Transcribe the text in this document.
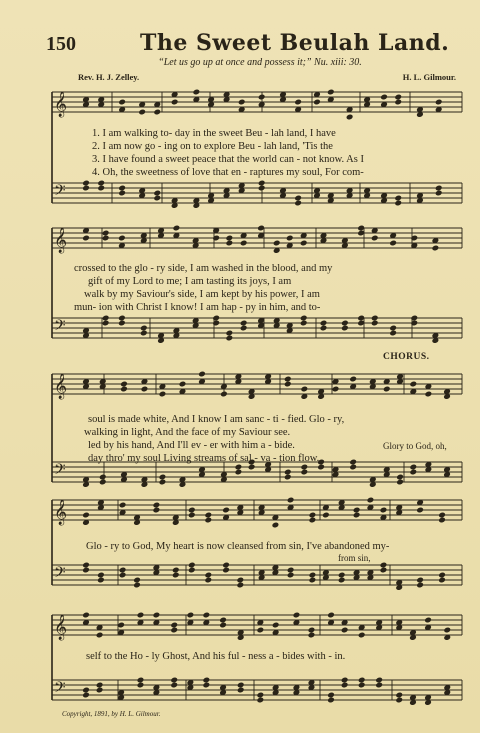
150	The Sweet Beulah Land.
“Let us go up at once and possess it;” Nu. xiii: 30.
Rev. H. J. Zelley.	H. L. Gilmour.
𝄞
𝄢
𝄞
𝄢
𝄞
𝄢
𝄞
𝄢
𝄞
𝄢
1. I am walking to- day in the sweet Beu - lah land, I have
2. I am now go - ing on to explore Beu - lah land, 'Tis the
3. I have found a sweet peace that the world can - not know. As I
4. Oh, the sweetness of love that en - raptures my soul, For com-
crossed to the glo - ry side, I am washed in the blood, and my
gift of my Lord to me; I am tasting its joys, I am
walk by my Saviour's side, I am kept by his power, I am
mun- ion with Christ I know! I am hap - py in him, and to-
CHORUS.
soul is made white, And I know I am sanc - ti - fied. Glo - ry,
walking in light, And the face of my Saviour see.
led by his hand, And I'll ev - er with him a - bide.
day thro' my soul Living streams of sal - va - tion flow.
Glory to God, oh,
Glo - ry to God, My heart is now cleansed from sin, I've abandoned my-
from sin,
self to the Ho - ly Ghost, And his ful - ness a - bides with - in.
Copyright, 1891, by H. L. Gilmour.
